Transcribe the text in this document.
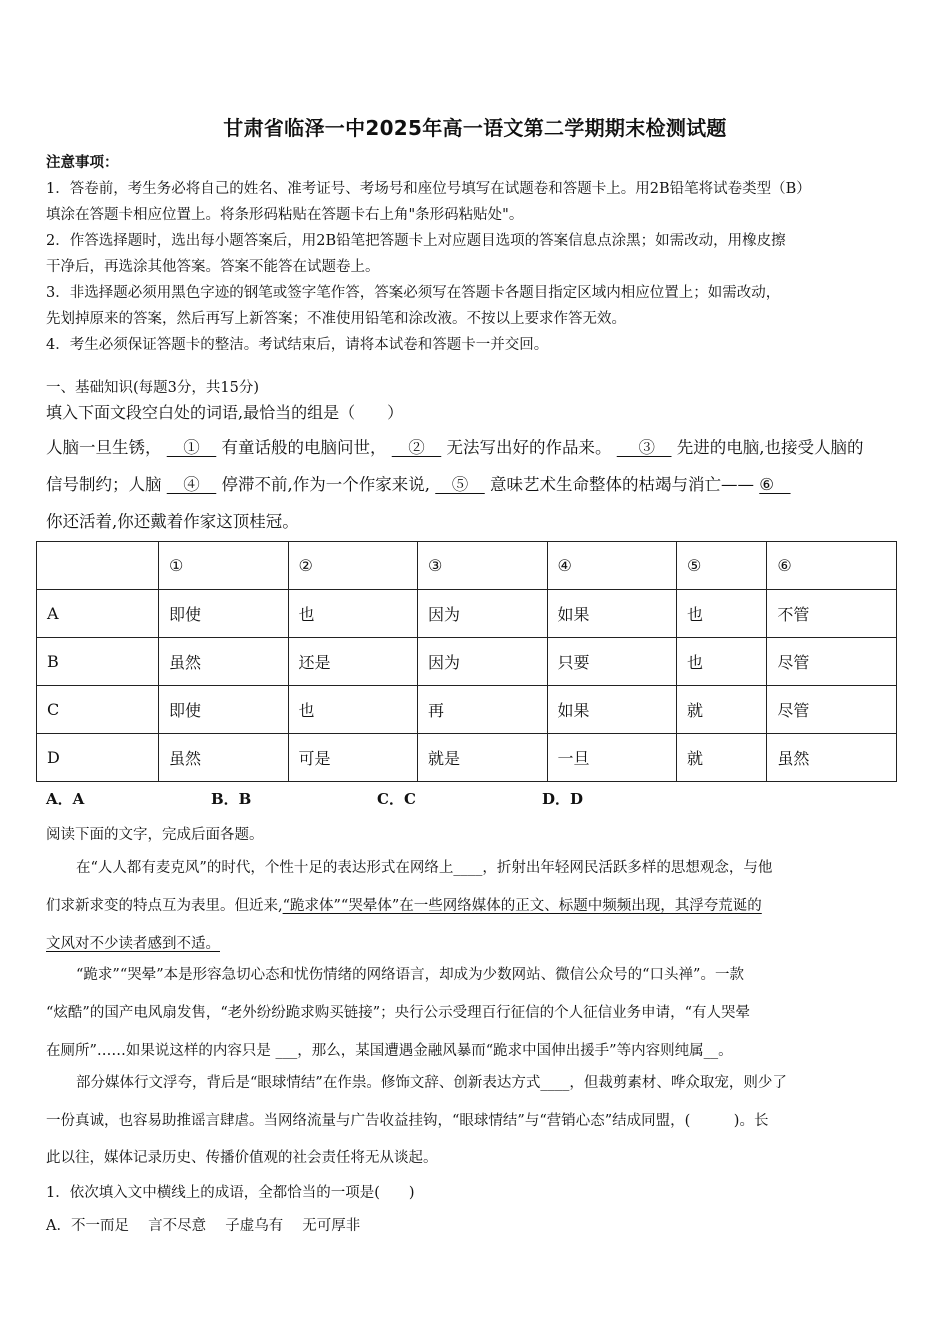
甘肃省临泽一中2025年高一语文第二学期期末检测试题
注意事项：
1．答卷前，考生务必将自己的姓名、准考证号、考场号和座位号填写在试题卷和答题卡上。用2B铅笔将试卷类型（B）
填涂在答题卡相应位置上。将条形码粘贴在答题卡右上角"条形码粘贴处"。
2．作答选择题时，选出每小题答案后，用2B铅笔把答题卡上对应题目选项的答案信息点涂黑；如需改动，用橡皮擦
干净后，再选涂其他答案。答案不能答在试题卷上。
3．非选择题必须用黑色字迹的钢笔或签字笔作答，答案必须写在答题卡各题目指定区域内相应位置上；如需改动，
先划掉原来的答案，然后再写上新答案；不准使用铅笔和涂改液。不按以上要求作答无效。
4．考生必须保证答题卡的整洁。考试结束后，请将本试卷和答题卡一并交回。
一、基础知识(每题3分，共15分)
填入下面文段空白处的词语,最恰当的组是（　　）
人脑一旦生锈， 　①　 有童话般的电脑问世， 　②　 无法写出好的作品来。 　 ③　 先进的电脑,也接受人脑的
信号制约；人脑 　④　 停滞不前,作为一个作家来说, 　⑤　 意味艺术生命整体的枯竭与消亡—— ⑥　
你还活着,你还戴着作家这顶桂冠。
	①	②	③	④	⑤	⑥
A	即使	也	因为	如果	也	不管
B	虽然	还是	因为	只要	也	尽管
C	即使	也	再	如果	就	尽管
D	虽然	可是	就是	一旦	就	虽然
A．A	B．B	C．C	D．D
阅读下面的文字，完成后面各题。
在“人人都有麦克风”的时代，个性十足的表达形式在网络上____，折射出年轻网民活跃多样的思想观念，与他
们求新求变的特点互为表里。但近来,“跪求体”“哭晕体”在一些网络媒体的正文、标题中频频出现，其浮夸荒诞的
文风对不少读者感到不适。
“跪求”“哭晕”本是形容急切心态和忧伤情绪的网络语言，却成为少数网站、微信公众号的“口头禅”。一款
“炫酷”的国产电风扇发售，“老外纷纷跪求购买链接”；央行公示受理百行征信的个人征信业务申请，“有人哭晕
在厕所”……如果说这样的内容只是 ___，那么，某国遭遇金融风暴而“跪求中国伸出援手”等内容则纯属__。
部分媒体行文浮夸，背后是“眼球情结”在作祟。修饰文辞、创新表达方式____，但裁剪素材、哗众取宠，则少了
一份真诚，也容易助推谣言肆虐。当网络流量与广告收益挂钩，“眼球情结”与“营销心态”结成同盟，(　　　)。长
此以往，媒体记录历史、传播价值观的社会责任将无从谈起。
1．依次填入文中横线上的成语，全都恰当的一项是(　　)
A．不一而足　 言不尽意　 子虚乌有　 无可厚非
